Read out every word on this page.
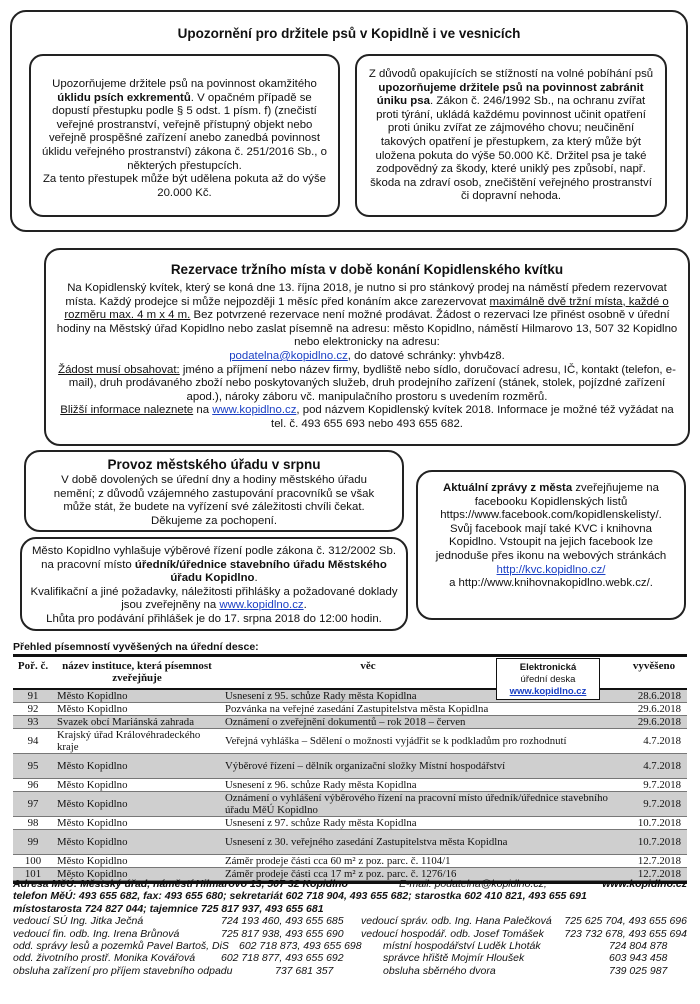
Upozornění pro držitele psů v Kopidlně i ve vesnicích
Upozorňujeme držitele psů na povinnost okamžitého úklidu psích exkrementů. V opačném případě se dopustí přestupku podle § 5 odst. 1 písm. f) (znečistí veřejné prostranství, veřejně přístupný objekt nebo veřejně prospěšné zařízení anebo zanedbá povinnost úklidu veřejného prostranství) zákona č. 251/2016 Sb., o některých přestupcích.
Za tento přestupek může být udělena pokuta až do výše 20.000 Kč.
Z důvodů opakujících se stížností na volné pobíhání psů upozorňujeme držitele psů na povinnost zabránit úniku psa. Zákon č. 246/1992 Sb., na ochranu zvířat proti týrání, ukládá každému povinnost učinit opatření proti úniku zvířat ze zájmového chovu; neučinění takových opatření je přestupkem, za který může být uložena pokuta do výše 50.000 Kč. Držitel psa je také zodpovědný za škody, které uniklý pes způsobí, např. škoda na zdraví osob, znečištění veřejného prostranství či dopravní nehoda.
Rezervace tržního místa v době konání Kopidlenského kvítku
Na Kopidlenský kvítek, který se koná dne 13. října 2018, je nutno si pro stánkový prodej na náměstí předem rezervovat místa. Každý prodejce si může nejpozději 1 měsíc před konáním akce zarezervovat maximálně dvě tržní místa, každé o rozměru max. 4 m x 4 m. Bez potvrzené rezervace není možné prodávat. Žádost o rezervaci lze přinést osobně v úřední hodiny na Městský úřad Kopidlno nebo zaslat písemně na adresu: město Kopidlno, náměstí Hilmarovo 13, 507 32 Kopidlno nebo elektronicky na adresu:
podatelna@kopidlno.cz, do datové schránky: yhvb4z8.
Žádost musí obsahovat: jméno a příjmení nebo název firmy, bydliště nebo sídlo, doručovací adresu, IČ, kontakt (telefon, e-mail), druh prodávaného zboží nebo poskytovaných služeb, druh prodejního zařízení (stánek, stolek, pojízdné zařízení apod.), nároky záboru vč. manipulačního prostoru s uvedením rozměrů.
Bližší informace naleznete na www.kopidlno.cz, pod názvem Kopidlenský kvítek 2018. Informace je možné též vyžádat na tel. č. 493 655 693 nebo 493 655 682.
Provoz městského úřadu v srpnu
V době dovolených se úřední dny a hodiny městského úřadu nemění; z důvodů vzájemného zastupování pracovníků se však může stát, že budete na vyřízení své záležitosti chvíli čekat. Děkujeme za pochopení.
Město Kopidlno vyhlašuje výběrové řízení podle zákona č. 312/2002 Sb. na pracovní místo úředník/úřednice stavebního úřadu Městského úřadu Kopidlno.
Kvalifikační a jiné požadavky, náležitosti přihlášky a požadované doklady jsou zveřejněny na www.kopidlno.cz.
Lhůta pro podávání přihlášek je do 17. srpna 2018 do 12:00 hodin.
Aktuální zprávy z města zveřejňujeme na facebooku Kopidlenských listů https://www.facebook.com/kopidlenskelisty/. Svůj facebook mají také KVC i knihovna Kopidlno. Vstoupit na jejich facebook lze jednoduše přes ikonu na webových stránkách
http://kvc.kopidlno.cz/
a http://www.knihovnakopidlno.webk.cz/.
Přehled písemností vyvěšených na úřední desce:
Poř. č.	název instituce, která písemnost zveřejňuje	věc	vyvěšeno
91	Město Kopidlno	Usnesení z 95. schůze Rady města Kopidlna	28.6.2018
92	Město Kopidlno	Pozvánka na veřejné zasedání Zastupitelstva města Kopidlna	29.6.2018
93	Svazek obcí Mariánská zahrada	Oznámení o zveřejnění dokumentů – rok 2018 – červen	29.6.2018
94	Krajský úřad Královéhradeckého kraje	Veřejná vyhláška – Sdělení o možnosti vyjádřit se k podkladům pro rozhodnutí	4.7.2018
95	Město Kopidlno	Výběrové řízení – dělník organizační složky Místní hospodářství	4.7.2018
96	Město Kopidlno	Usnesení z 96. schůze Rady města Kopidlna	9.7.2018
97	Město Kopidlno	Oznámení o vyhlášení výběrového řízení na pracovní místo úředník/úřednice stavebního úřadu MěÚ Kopidlno	9.7.2018
98	Město Kopidlno	Usnesení z 97. schůze Rady města Kopidlna	10.7.2018
99	Město Kopidlno	Usnesení z 30. veřejného zasedání Zastupitelstva města Kopidlna	10.7.2018
100	Město Kopidlno	Záměr prodeje části cca 60 m² z poz. parc. č. 1104/1	12.7.2018
101	Město Kopidlno	Záměr prodeje části cca 17 m² z poz. parc. č. 1276/16	12.7.2018
Elektronická
úřední deska
www.kopidlno.cz
Adresa MěÚ: Městský úřad, náměstí Hilmarovo 13, 507 32 Kopidlno	E-mail: podatelna@kopidlno.cz;	www.kopidlno.cz
telefon MěÚ: 493 655 682, fax: 493 655 680; sekretariát 602 718 904, 493 655 682; starostka 602 410 821, 493 655 691
místostarosta 724 827 044; tajemnice 725 817 937, 493 655 681
vedoucí SÚ Ing. Jitka Ječná	724 193 460, 493 655 685 vedoucí správ. odb. Ing. Hana Palečková 725 625 704, 493 655 696
vedoucí fin. odb. Ing. Irena Brůnová	725 817 938, 493 655 690 vedoucí hospodář. odb. Josef Tomášek 723 732 678, 493 655 694
odd. správy lesů a pozemků Pavel Bartoš, DiS 602 718 873, 493 655 698 místní hospodářství Luděk Lhoták	724 804 878
odd. životního prostř. Monika Kovářová 602 718 877, 493 655 692	správce hřiště Mojmír Hloušek	603 943 458
obsluha zařízení pro příjem stavebního odpadu	737 681 357	obsluha sběrného dvora	739 025 987
